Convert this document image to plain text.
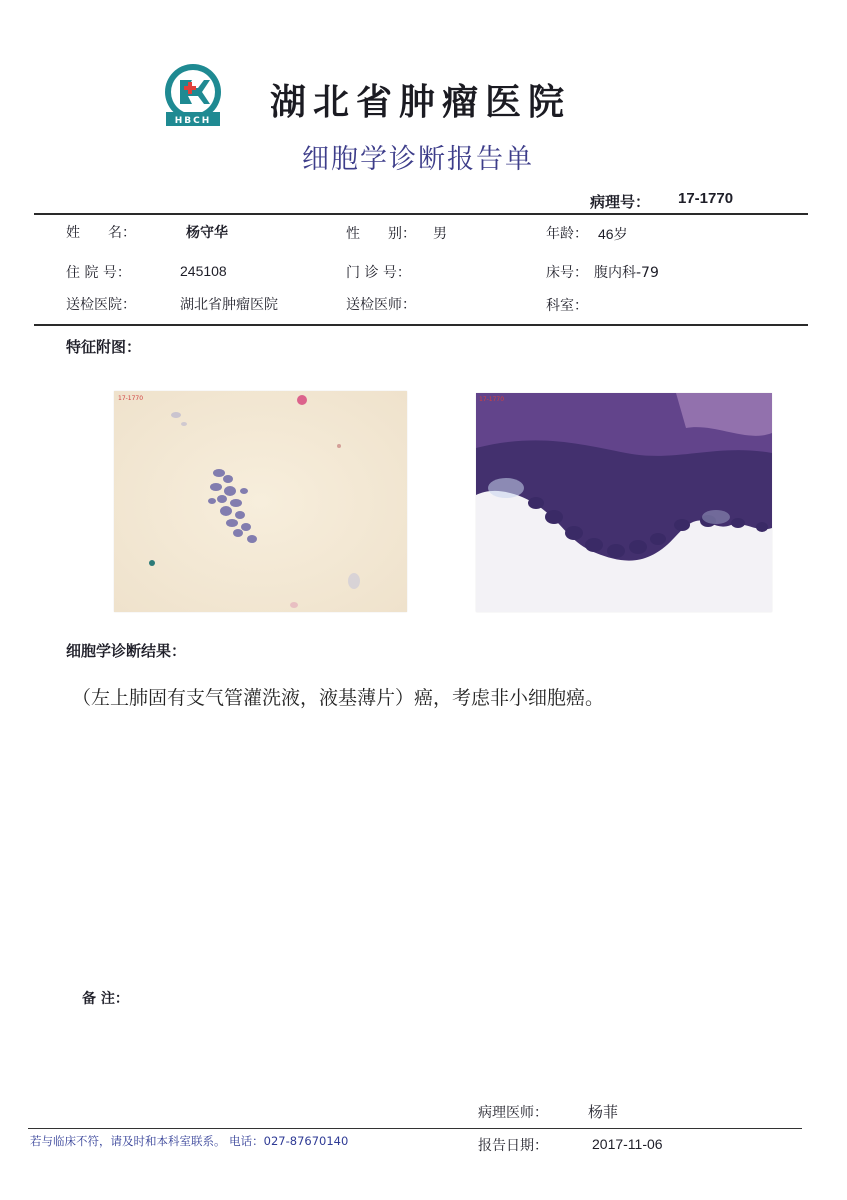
HBCH 湖北省肿瘤医院
细胞学诊断报告单
病理号： 17-1770
姓　　名：	杨守华	性　　别： 男	年龄： 46岁
住 院 号：	245108	门 诊 号：	床号： 腹内科-79
送检医院：	湖北省肿瘤医院	送检医师：	科室：
特征附图：
17-1770	17-1770
细胞学诊断结果：
（左上肺固有支气管灌洗液，液基薄片）癌，考虑非小细胞癌。
备 注：
病理医师：	杨菲
若与临床不符，请及时和本科室联系。 电话：027-87670140	报告日期：	2017-11-06
